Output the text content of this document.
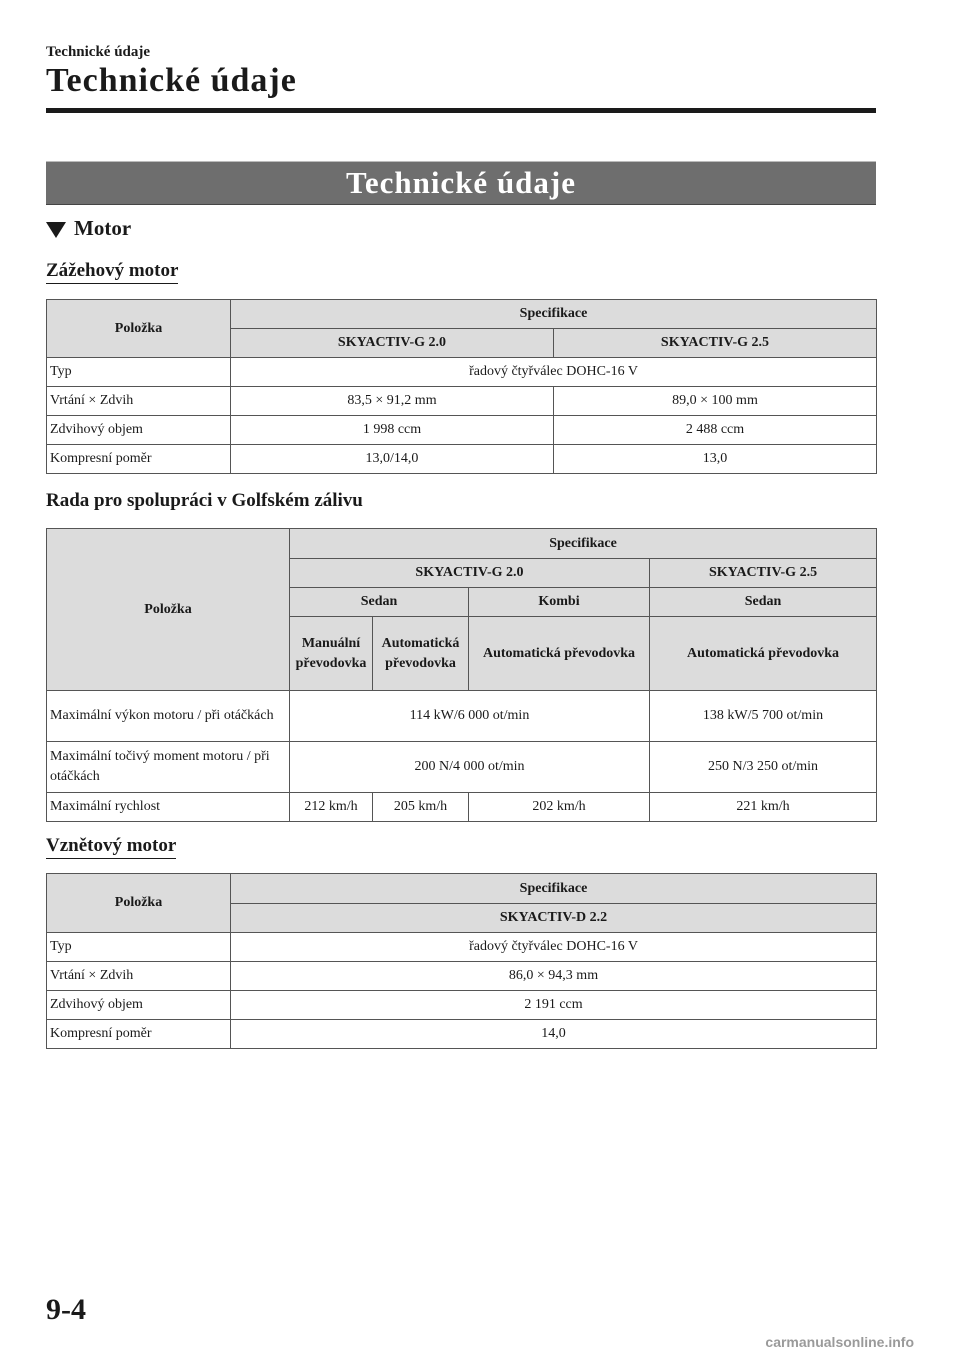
Technické údaje
Technické údaje
Technické údaje
Motor
Zážehový motor
Položka	Specifikace	
	SKYACTIV-G 2.0	SKYACTIV-G 2.5
Typ	řadový čtyřválec DOHC-16 V	
Vrtání × Zdvih	83,5 × 91,2 mm	89,0 × 100 mm
Zdvihový objem	1 998 ccm	2 488 ccm
Kompresní poměr	13,0/14,0	13,0
Rada pro spolupráci v Golfském zálivu
Položka	Specifikace			
	SKYACTIV-G 2.0			SKYACTIV-G 2.5
	Sedan		Kombi	Sedan
	Manuální převodovka	Automatická převodovka	Automatická převodovka	Automatická převodovka
Maximální výkon motoru / při otáčkách	114 kW/6 000 ot/min			138 kW/5 700 ot/min
Maximální točivý moment motoru / při otáčkách	200 N/4 000 ot/min			250 N/3 250 ot/min
Maximální rychlost	212 km/h	205 km/h	202 km/h	221 km/h
Vznětový motor
Položka	Specifikace
	SKYACTIV-D 2.2
Typ	řadový čtyřválec DOHC-16 V
Vrtání × Zdvih	86,0 × 94,3 mm
Zdvihový objem	2 191 ccm
Kompresní poměr	14,0
9-4
carmanualsonline.info
